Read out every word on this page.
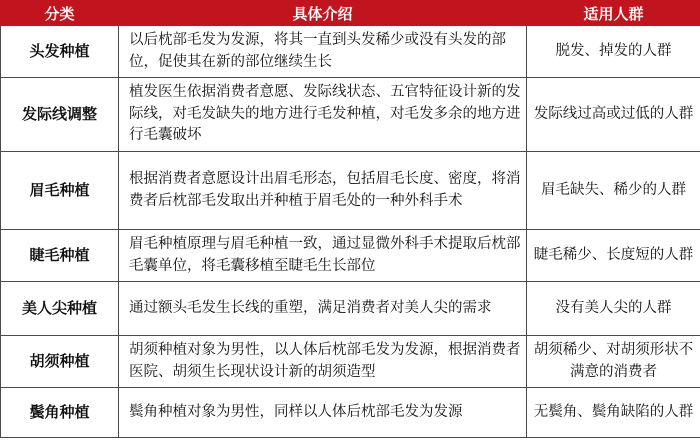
分类	具体介绍	适用人群
头发种植	以后枕部毛发为发源，将其一直到头发稀少或没有头发的部位，促使其在新的部位继续生长	脱发、掉发的人群
发际线调整	植发医生依据消费者意愿、发际线状态、五官特征设计新的发际线，对毛发缺失的地方进行毛发种植，对毛发多余的地方进行毛囊破坏	发际线过高或过低的人群
眉毛种植	根据消费者意愿设计出眉毛形态，包括眉毛长度、密度，将消费者后枕部毛发取出并种植于眉毛处的一种外科手术	眉毛缺失、稀少的人群
睫毛种植	眉毛种植原理与眉毛种植一致，通过显微外科手术提取后枕部毛囊单位，将毛囊移植至睫毛生长部位	睫毛稀少、长度短的人群
美人尖种植	通过额头毛发生长线的重塑，满足消费者对美人尖的需求	没有美人尖的人群
胡须种植	胡须种植对象为男性，以人体后枕部毛发为发源，根据消费者医院、胡须生长现状设计新的胡须造型	胡须稀少、对胡须形状不满意的消费者
鬓角种植	鬓角种植对象为男性，同样以人体后枕部毛发为发源	无鬓角、鬓角缺陷的人群
